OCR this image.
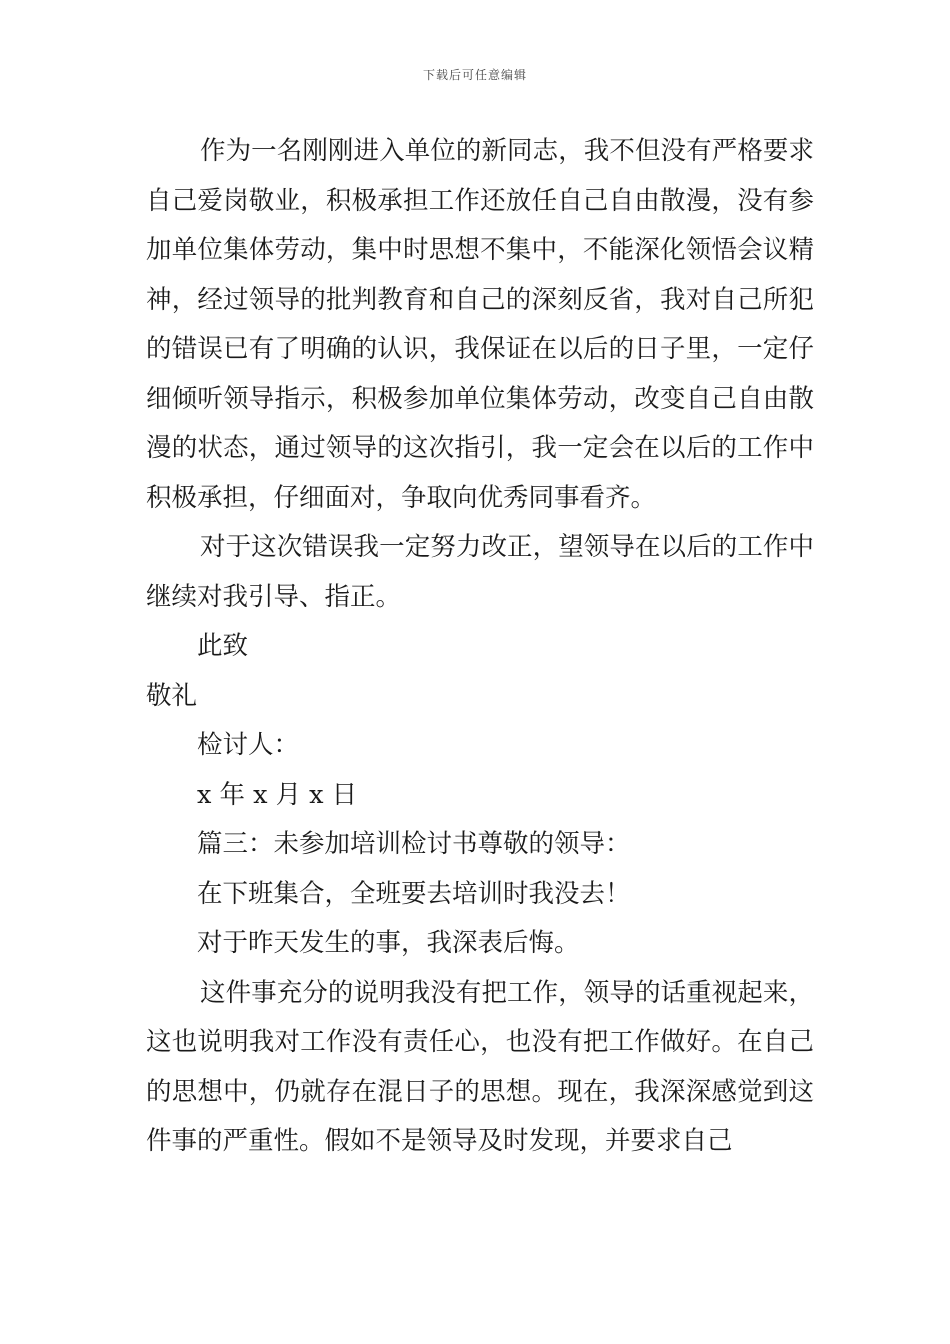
下载后可任意编辑

作为一名刚刚进入单位的新同志，我不但没有严格要求自己爱岗敬业，积极承担工作还放任自己自由散漫，没有参加单位集体劳动，集中时思想不集中，不能深化领悟会议精神，经过领导的批判教育和自己的深刻反省，我对自己所犯的错误已有了明确的认识，我保证在以后的日子里，一定仔细倾听领导指示，积极参加单位集体劳动，改变自己自由散漫的状态，通过领导的这次指引，我一定会在以后的工作中积极承担，仔细面对，争取向优秀同事看齐。

对于这次错误我一定努力改正，望领导在以后的工作中继续对我引导、指正。

此致

敬礼

检讨人：

x 年 x 月 x 日

篇三：未参加培训检讨书尊敬的领导：

在下班集合，全班要去培训时我没去！

对于昨天发生的事，我深表后悔。

这件事充分的说明我没有把工作，领导的话重视起来，这也说明我对工作没有责任心，也没有把工作做好。在自己的思想中，仍就存在混日子的思想。现在，我深深感觉到这件事的严重性。假如不是领导及时发现，并要求自己
